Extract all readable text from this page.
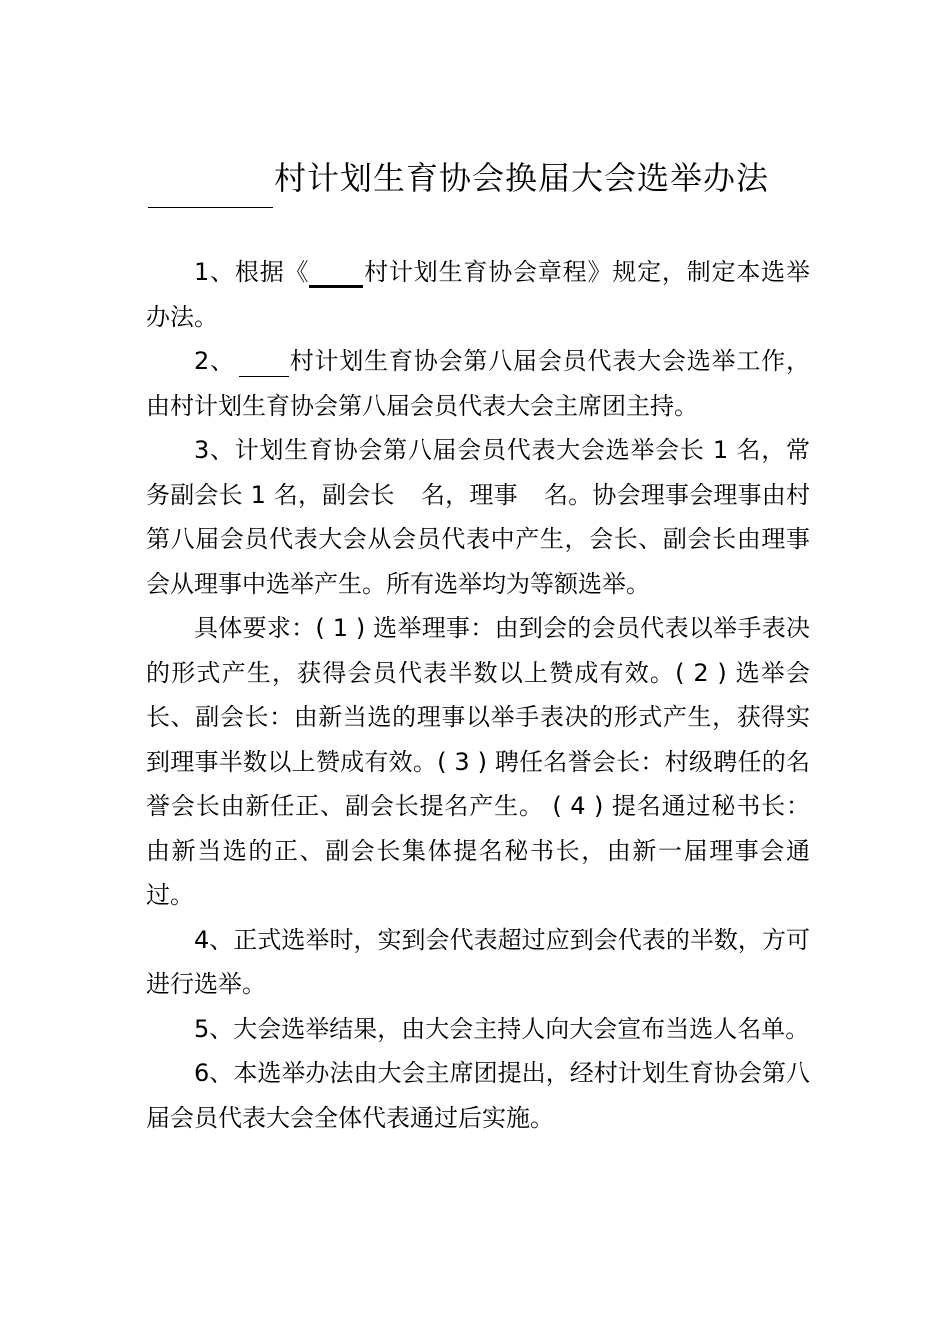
村计划生育协会换届大会选举办法

1、根据《 村计划生育协会章程》规定，制定本选举办法。

2、 村计划生育协会第八届会员代表大会选举工作，由村计划生育协会第八届会员代表大会主席团主持。

3、计划生育协会第八届会员代表大会选举会长 1 名，常务副会长 1 名，副会长 名，理事 名。协会理事会理事由村第八届会员代表大会从会员代表中产生，会长、副会长由理事会从理事中选举产生。所有选举均为等额选举。

具体要求：( 1 ) 选举理事：由到会的会员代表以举手表决的形式产生，获得会员代表半数以上赞成有效。( 2 ) 选举会长、副会长：由新当选的理事以举手表决的形式产生，获得实到理事半数以上赞成有效。( 3 ) 聘任名誉会长：村级聘任的名誉会长由新任正、副会长提名产生。 ( 4 ) 提名通过秘书长：由新当选的正、副会长集体提名秘书长，由新一届理事会通过。

4、正式选举时，实到会代表超过应到会代表的半数，方可进行选举。

5、大会选举结果，由大会主持人向大会宣布当选人名单。

6、本选举办法由大会主席团提出，经村计划生育协会第八届会员代表大会全体代表通过后实施。
